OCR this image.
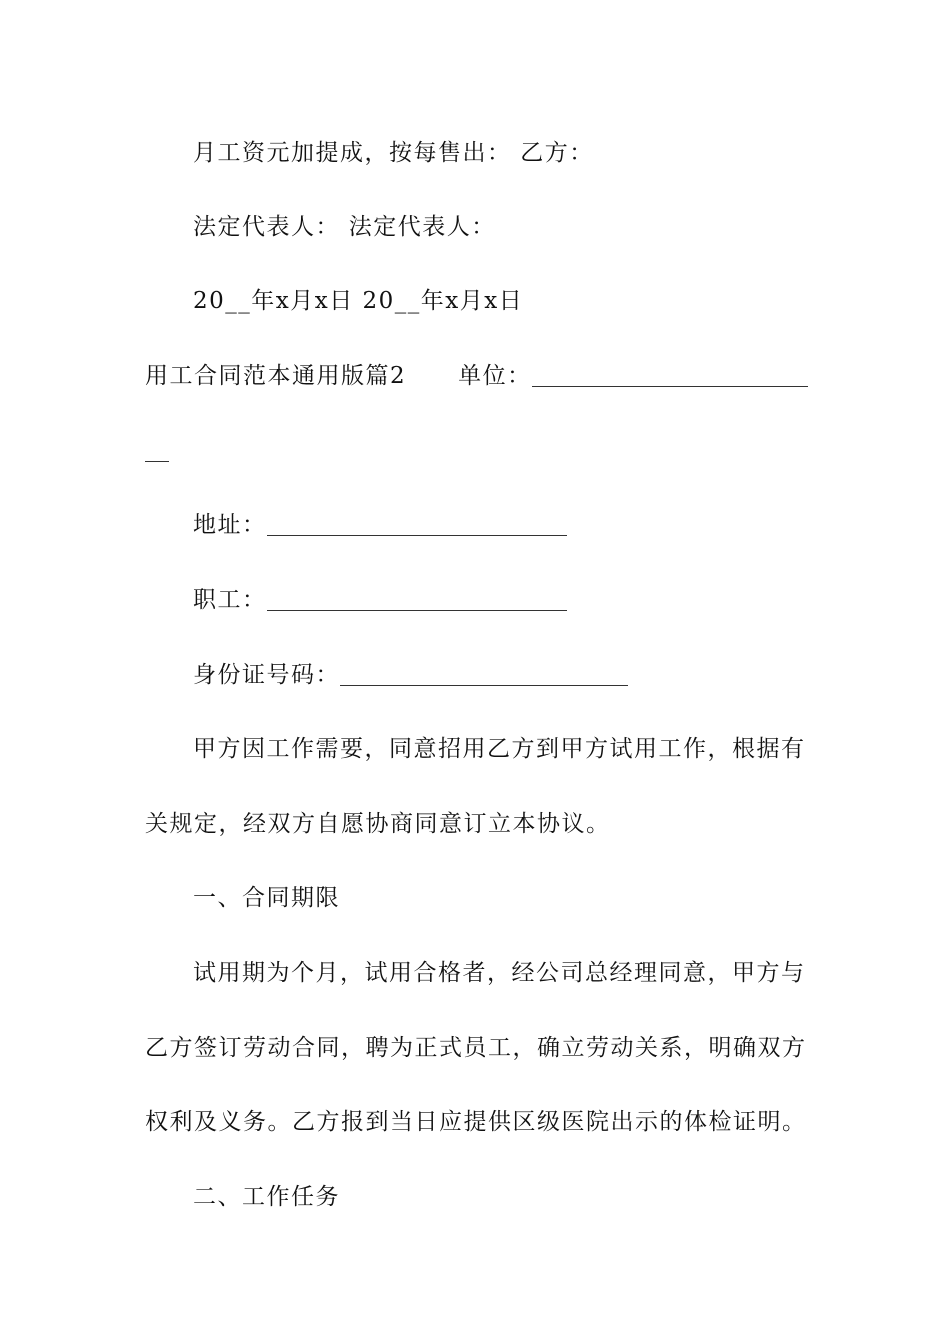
月工资元加提成，按每售出： 乙方：
法定代表人： 法定代表人：
20__年x月x日 20__年x月x日
用工合同范本通用版篇2 单位：
地址：
职工：
身份证号码：
甲方因工作需要，同意招用乙方到甲方试用工作，根据有
关规定，经双方自愿协商同意订立本协议。
一、合同期限
试用期为个月，试用合格者，经公司总经理同意，甲方与
乙方签订劳动合同，聘为正式员工，确立劳动关系，明确双方
权利及义务。乙方报到当日应提供区级医院出示的体检证明。
二、工作任务
